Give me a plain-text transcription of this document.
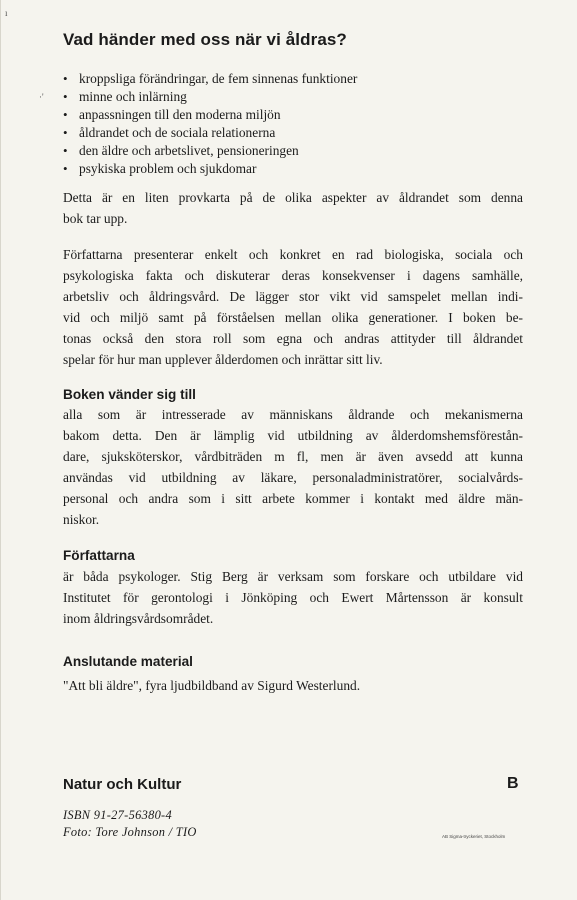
Vad händer med oss när vi åldras?
• kroppsliga förändringar, de fem sinnenas funktioner
• minne och inlärning
• anpassningen till den moderna miljön
• åldrandet och de sociala relationerna
• den äldre och arbetslivet, pensioneringen
• psykiska problem och sjukdomar

Detta är en liten provkarta på de olika aspekter av åldrandet som denna
bok tar upp.

Författarna presenterar enkelt och konkret en rad biologiska, sociala och
psykologiska fakta och diskuterar deras konsekvenser i dagens samhälle,
arbetsliv och åldringsvård. De lägger stor vikt vid samspelet mellan indi-
vid och miljö samt på förståelsen mellan olika generationer. I boken be-
tonas också den stora roll som egna och andras attityder till åldrandet
spelar för hur man upplever ålderdomen och inrättar sitt liv.

Boken vänder sig till

alla som är intresserade av människans åldrande och mekanismerna
bakom detta. Den är lämplig vid utbildning av ålderdomshemsförestån-
dare, sjuksköterskor, vårdbiträden m fl, men är även avsedd att kunna
användas vid utbildning av läkare, personaladministratörer, socialvårds-
personal och andra som i sitt arbete kommer i kontakt med äldre män-
niskor.

Författarna

är båda psykologer. Stig Berg är verksam som forskare och utbildare vid
Institutet för gerontologi i Jönköping och Ewert Mårtensson är konsult
inom åldringsvårdsområdet.

Anslutande material

"Att bli äldre", fyra ljudbildband av Sigurd Westerlund.

Natur och Kultur	B
ISBN 91-27-56380-4
Foto: Tore Johnson / TIO	AB Sigma-tryckeriet, Stockholm
·'
ı
